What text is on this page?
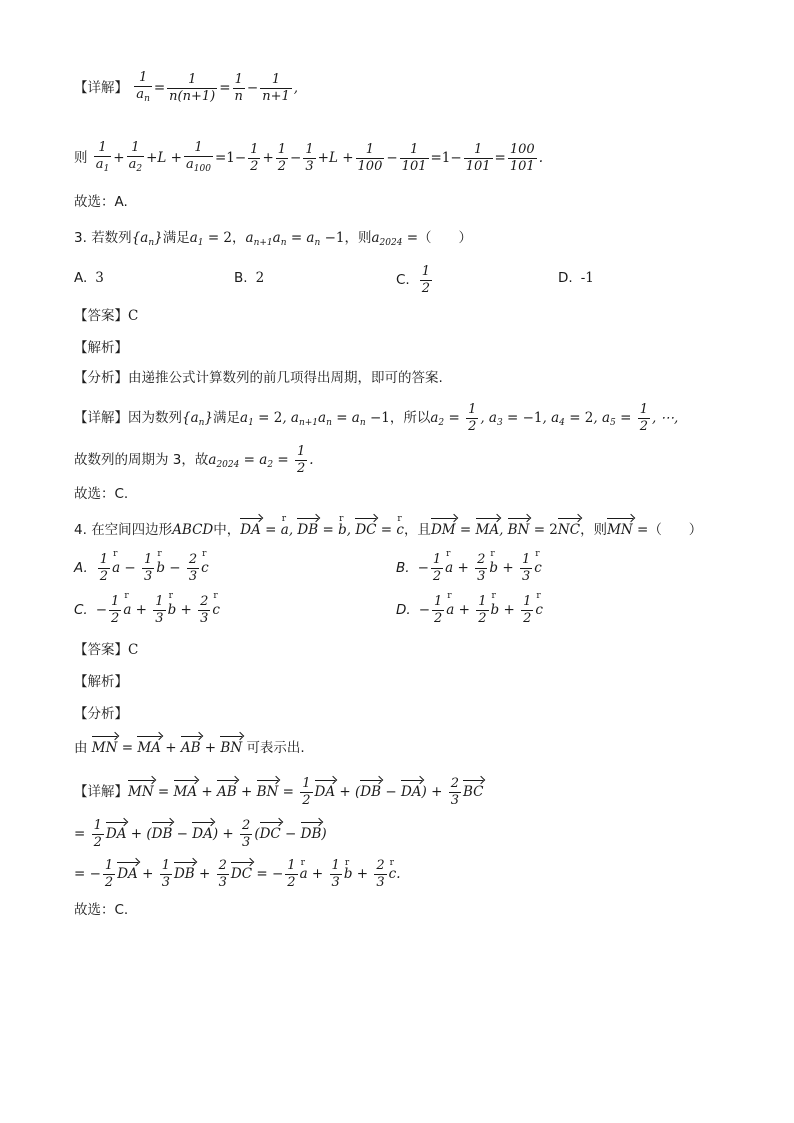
【详解】 $\frac{1}{a_n} = \frac{1}{n(n+1)} = \frac{1}{n} - \frac{1}{n+1}$ ,
则 $\frac{1}{a_1} + \frac{1}{a_2} +L + \frac{1}{a_{100}} =1- \frac{1}{2} + \frac{1}{2} - \frac{1}{3} +L + \frac{1}{100} - \frac{1}{101} =1- \frac{1}{101} = \frac{100}{101}$ .
故选：A.
3. 若数列$\{a_n\}$满足$a_1 = 2$，$a_{n+1}a_n = a_n -1$，则$a_{2024}$ =（　　）
A. 3	B. 2	C. $\frac{1}{2}$	D. -1
【答案】C
【解析】
【分析】由递推公式计算数列的前几项得出周期，即可的答案.
【详解】因为数列$\{a_n\}$满足$a_1 = 2$, $a_{n+1}a_n = a_n -1$，所以$a_2 = \frac{1}{2}$ , $a_3 = -1$, $a_4 = 2$, $a_5 = \frac{1}{2}$ , ⋯,
故数列的周期为 3，故$a_{2024} = a_2 = \frac{1}{2}$ .
故选：C.
4. 在空间四边形ABCD中，DA = r a, DB = r b, DC = r c，且DM = MA, BN = 2NC，则MN =（　　）
A. $\frac{1}{2}$ r $a - \frac{1}{3}$ r $b - \frac{2}{3}$ r c	B. − $\frac{1}{2}$ r $a + \frac{2}{3}$ r $b + \frac{1}{3}$ r c
C. − $\frac{1}{2}$ r $a + \frac{1}{3}$ r $b + \frac{2}{3}$ r c	D. − $\frac{1}{2}$ r $a + \frac{1}{2}$ r $b + \frac{1}{2}$ r c
【答案】C
【解析】
【分析】
由 MN = MA + AB + BN 可表示出.
【详解】MN = MA + AB + BN = $\frac{1}{2}$ DA + $(DB - DA) + \frac{2}{3}$ BC
= $\frac{1}{2}$ DA + $(DB - DA) + \frac{2}{3} (DC - DB)$
= − $\frac{1}{2}$ DA + $\frac{1}{3}$ DB + $\frac{2}{3}$ DC = − $\frac{1}{2}$ r $a + \frac{1}{3}$ r $b + \frac{2}{3}$ r c.
故选：C.
